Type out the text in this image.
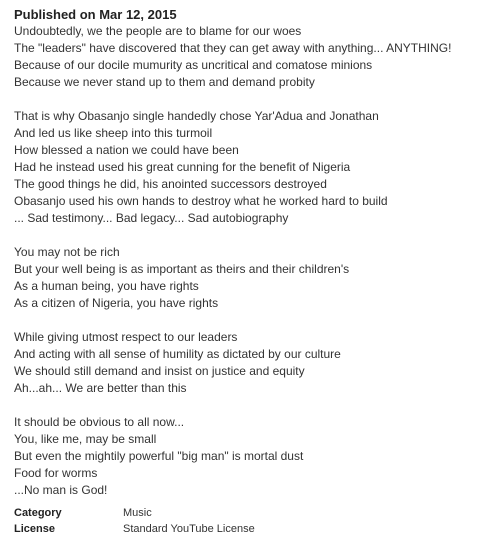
Published on Mar 12, 2015
Undoubtedly, we the people are to blame for our woes
The "leaders" have discovered that they can get away with anything... ANYTHING!
Because of our docile mumurity as uncritical and comatose minions
Because we never stand up to them and demand probity
That is why Obasanjo single handedly chose Yar'Adua and Jonathan
And led us like sheep into this turmoil
How blessed a nation we could have been
Had he instead used his great cunning for the benefit of Nigeria
The good things he did, his anointed successors destroyed
Obasanjo used his own hands to destroy what he worked hard to build
... Sad testimony... Bad legacy... Sad autobiography
You may not be rich
But your well being is as important as theirs and their children's
As a human being, you have rights
As a citizen of Nigeria, you have rights
While giving utmost respect to our leaders
And acting with all sense of humility as dictated by our culture
We should still demand and insist on justice and equity
Ah...ah... We are better than this
It should be obvious to all now...
You, like me, may be small
But even the mightily powerful "big man" is mortal dust
Food for worms
...No man is God!
Category	Music
License	Standard YouTube License
